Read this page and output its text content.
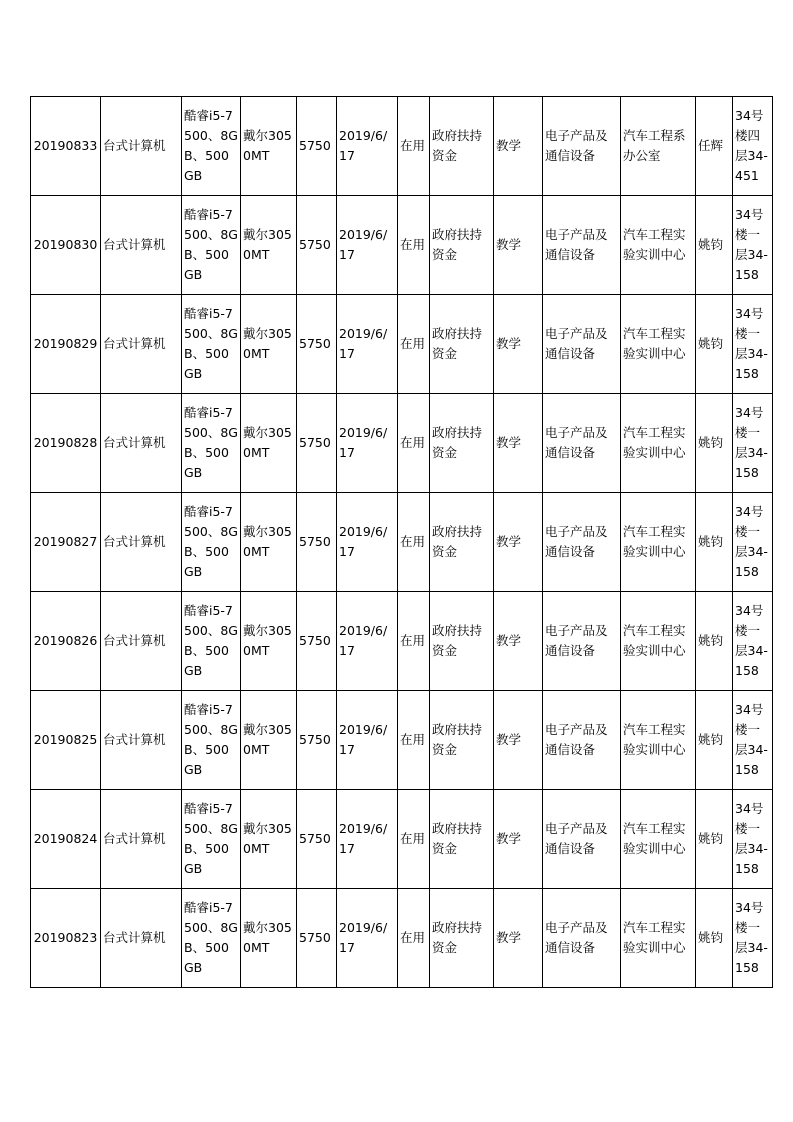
20190833	台式计算机	酷睿i5-7500、8GB、500GB	戴尔3050MT	5750	2019/6/17	在用	政府扶持资金	教学	电子产品及通信设备	汽车工程系办公室	任辉	34号楼四层34-451
20190830	台式计算机	酷睿i5-7500、8GB、500GB	戴尔3050MT	5750	2019/6/17	在用	政府扶持资金	教学	电子产品及通信设备	汽车工程实验实训中心	姚钧	34号楼一层34-158
20190829	台式计算机	酷睿i5-7500、8GB、500GB	戴尔3050MT	5750	2019/6/17	在用	政府扶持资金	教学	电子产品及通信设备	汽车工程实验实训中心	姚钧	34号楼一层34-158
20190828	台式计算机	酷睿i5-7500、8GB、500GB	戴尔3050MT	5750	2019/6/17	在用	政府扶持资金	教学	电子产品及通信设备	汽车工程实验实训中心	姚钧	34号楼一层34-158
20190827	台式计算机	酷睿i5-7500、8GB、500GB	戴尔3050MT	5750	2019/6/17	在用	政府扶持资金	教学	电子产品及通信设备	汽车工程实验实训中心	姚钧	34号楼一层34-158
20190826	台式计算机	酷睿i5-7500、8GB、500GB	戴尔3050MT	5750	2019/6/17	在用	政府扶持资金	教学	电子产品及通信设备	汽车工程实验实训中心	姚钧	34号楼一层34-158
20190825	台式计算机	酷睿i5-7500、8GB、500GB	戴尔3050MT	5750	2019/6/17	在用	政府扶持资金	教学	电子产品及通信设备	汽车工程实验实训中心	姚钧	34号楼一层34-158
20190824	台式计算机	酷睿i5-7500、8GB、500GB	戴尔3050MT	5750	2019/6/17	在用	政府扶持资金	教学	电子产品及通信设备	汽车工程实验实训中心	姚钧	34号楼一层34-158
20190823	台式计算机	酷睿i5-7500、8GB、500GB	戴尔3050MT	5750	2019/6/17	在用	政府扶持资金	教学	电子产品及通信设备	汽车工程实验实训中心	姚钧	34号楼一层34-158
